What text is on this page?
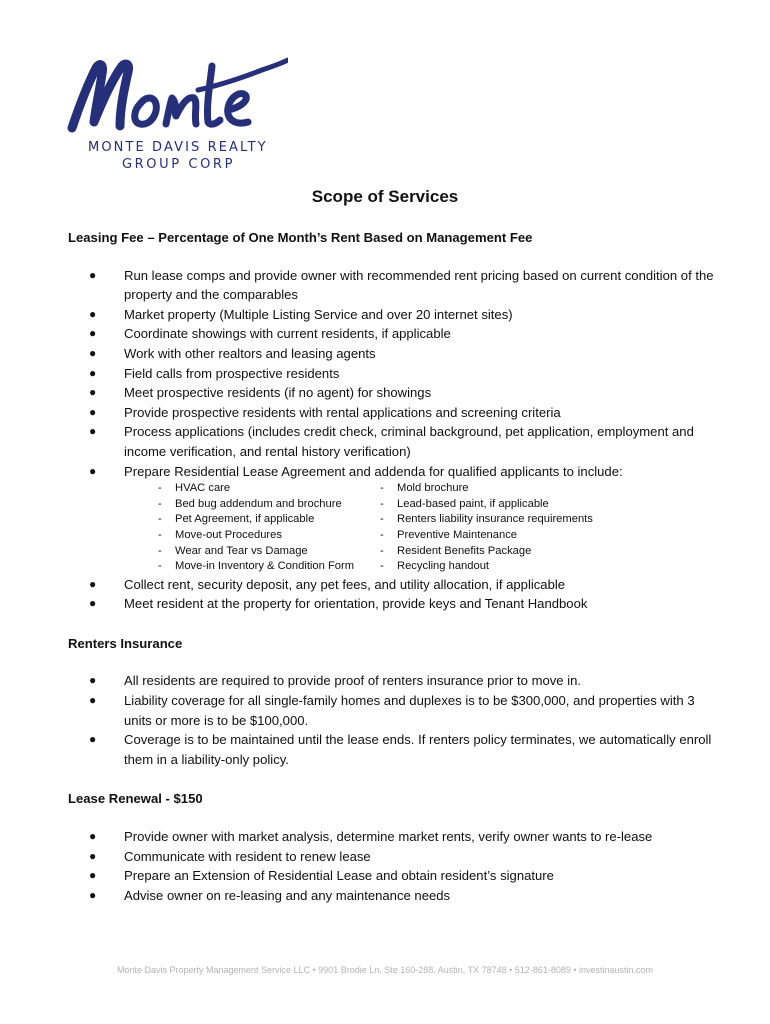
MONTE DAVIS REALTY
GROUP CORP
Scope of Services

Leasing Fee – Percentage of One Month’s Rent Based on Management Fee

● Run lease comps and provide owner with recommended rent pricing based on current condition of the property and the comparables
● Market property (Multiple Listing Service and over 20 internet sites)
● Coordinate showings with current residents, if applicable
● Work with other realtors and leasing agents
● Field calls from prospective residents
● Meet prospective residents (if no agent) for showings
● Provide prospective residents with rental applications and screening criteria
● Process applications (includes credit check, criminal background, pet application, employment and income verification, and rental history verification)
● Prepare Residential Lease Agreement and addenda for qualified applicants to include:
- HVAC care
- Bed bug addendum and brochure
- Pet Agreement, if applicable
- Move-out Procedures
- Wear and Tear vs Damage
- Move-in Inventory & Condition Form
- Mold brochure
- Lead-based paint, if applicable
- Renters liability insurance requirements
- Preventive Maintenance
- Resident Benefits Package
- Recycling handout
● Collect rent, security deposit, any pet fees, and utility allocation, if applicable
● Meet resident at the property for orientation, provide keys and Tenant Handbook

Renters Insurance

● All residents are required to provide proof of renters insurance prior to move in.
● Liability coverage for all single-family homes and duplexes is to be $300,000, and properties with 3 units or more is to be $100,000.
● Coverage is to be maintained until the lease ends. If renters policy terminates, we automatically enroll them in a liability-only policy.

Lease Renewal - $150

● Provide owner with market analysis, determine market rents, verify owner wants to re-lease
● Communicate with resident to renew lease
● Prepare an Extension of Residential Lease and obtain resident’s signature
● Advise owner on re-leasing and any maintenance needs
Monte Davis Property Management Service LLC • 9901 Brodie Ln, Ste 160-288, Austin, TX 78748 • 512-861-8089 • investinaustin.com
